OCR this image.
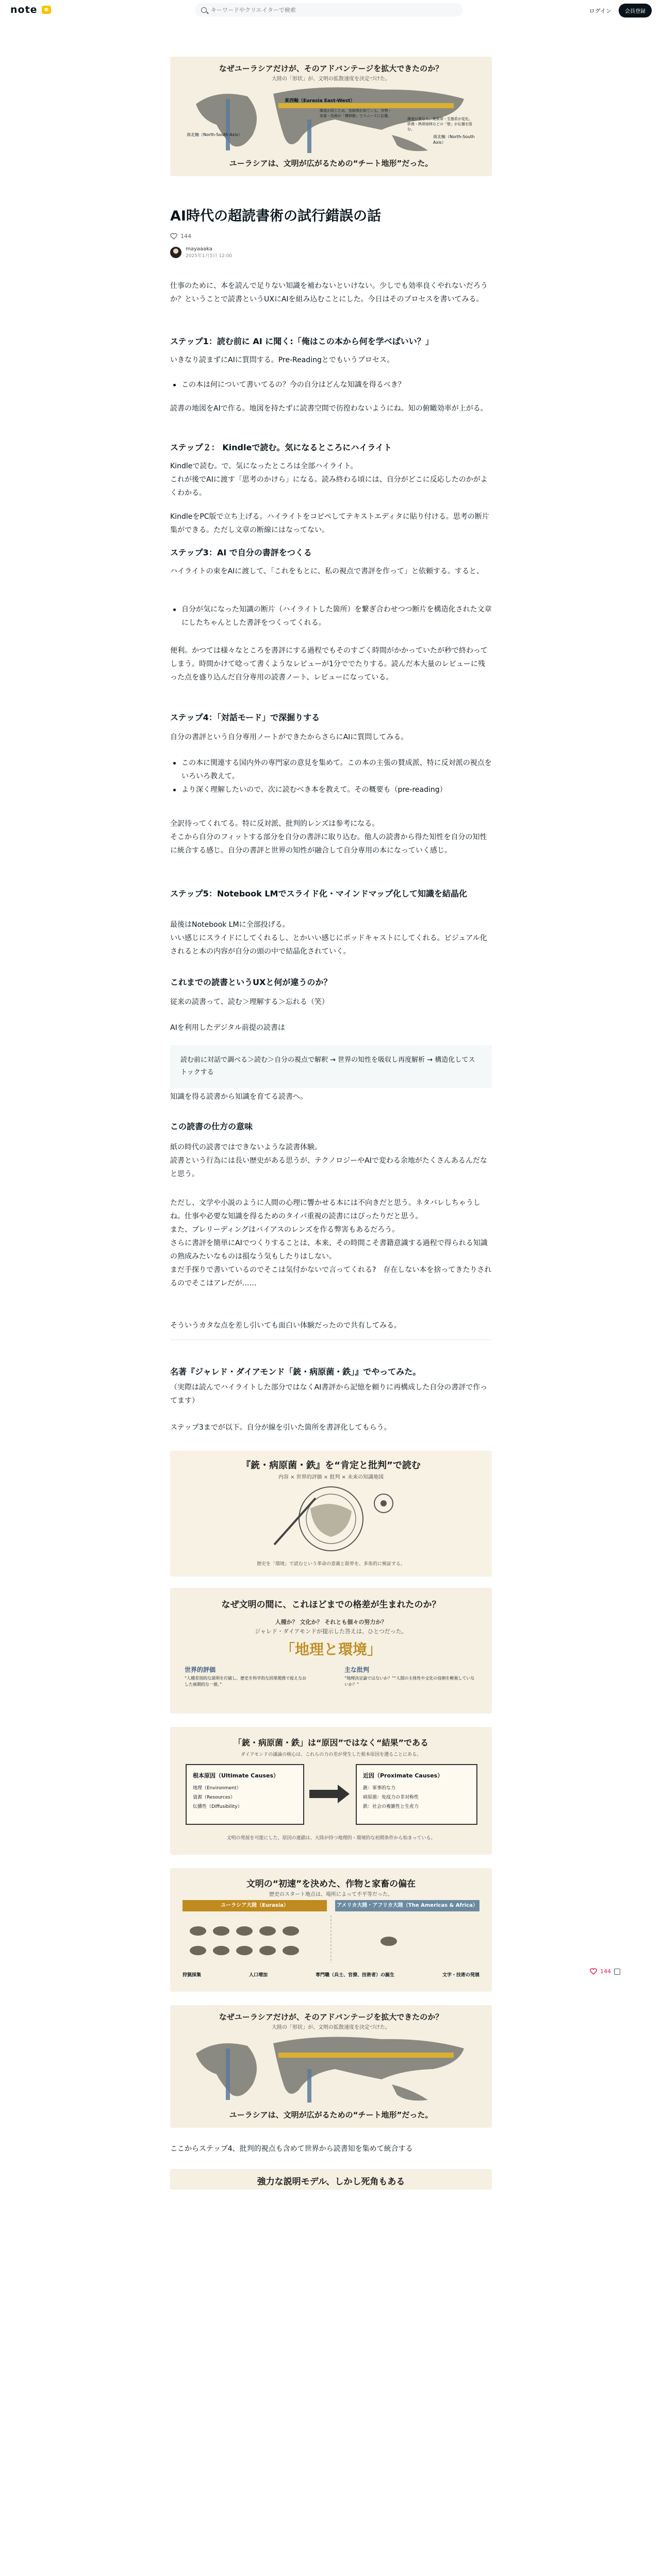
note
キーワードやクリエイターで検索	ログイン	会員登録
144
なぜユーラシアだけが、そのアドバンテージを拡大できたのか？
大陸の「形状」が、文明の拡散速度を決定づけた。
東西軸（Eurasia East-West）
南北軸（North-South Axis）	南北軸（North-South Axis）
緯度が同じため、気候帯が似ている。作物・家畜・技術が「横移動」でスムーズに伝播。
緯度が異なり、気候帯・生態系が変化。砂漠・熱帯雨林などの「壁」が伝播を阻む。
ユーラシアは、文明が広がるための“チート地形”だった。
AI時代の超読書術の試行錯誤の話
144
mayaaaka
2025年1月5日 12:00

仕事のために、本を読んで足りない知識を補わないといけない。少しでも効率良くやれないだろうか？ということで読書というUXにAIを組み込むことにした。今日はそのプロセスを書いてみる。

ステップ1：読む前に AI に聞く:「俺はこの本から何を学べばいい？」

いきなり読まずにAIに質問する。Pre-Readingとでもいうプロセス。

この本は何について書いてるの？今の自分はどんな知識を得るべき？

読書の地図をAIで作る。地図を持たずに読書空間で彷徨わないようにね。知の俯瞰効率が上がる。

ステップ２： Kindleで読む。気になるところにハイライト

Kindleで読む。で、気になったところは全部ハイライト。
これが後でAIに渡す「思考のかけら」になる。読み終わる頃には、自分がどこに反応したのかがよくわかる。

KindleをPC版で立ち上げる。ハイライトをコピペしてテキストエディタに貼り付ける。思考の断片集ができる。ただし文章の断線にはなってない。

ステップ3：AI で自分の書評をつくる

ハイライトの束をAIに渡して、「これをもとに、私の視点で書評を作って」と依頼する。すると、

自分が気になった知識の断片（ハイライトした箇所）を繋ぎ合わせつつ断片を構造化された文章にしたちゃんとした書評をつくってくれる。

便利。かつては様々なところを書評にする過程でもそのすごく時間がかかっていたが秒で終わってしまう。時間かけて唸って書くようなレビューが1分ででたりする。読んだ本大量のレビューに残った点を盛り込んだ自分専用の読書ノート、レビューになっている。

ステップ4：「対話モード」で深掘りする

自分の書評という自分専用ノートができたからさらにAIに質問してみる。

この本に関連する国内外の専門家の意見を集めて。この本の主張の賛成派、特に反対派の視点をいろいろ教えて。
より深く理解したいので、次に読むべき本を教えて。その概要も（pre-reading）

全訳待ってくれてる。特に反対派、批判的レンズは参考になる。
そこから自分のフィットする部分を自分の書評に取り込む。他人の読書から得た知性を自分の知性に統合する感じ。自分の書評と世界の知性が融合して自分専用の本になっていく感じ。

ステップ5：Notebook LMでスライド化・マインドマップ化して知識を結晶化

最後はNotebook LMに全部投げる。
いい感じにスライドにしてくれるし、とかいい感じにポッドキャストにしてくれる。ビジュアル化されると本の内容が自分の頭の中で結晶化されていく。

これまでの読書というUXと何が違うのか？

従来の読書って、読む＞理解する＞忘れる（笑）

AIを利用したデジタル前提の読書は

読む前に対話で調べる＞読む＞自分の視点で解釈 → 世界の知性を吸収し再度解析 → 構造化してストックする

知識を得る読書から知識を育てる読書へ。

この読書の仕方の意味

紙の時代の読書ではできないような読書体験。
読書という行為には長い歴史がある思うが、テクノロジーやAIで変わる余地がたくさんあるんだなと思う。

ただし、文学や小説のように人間の心理に響かせる本には不向きだと思う。ネタバレしちゃうしね。仕事や必要な知識を得るためのタイパ重視の読書にはぴったりだと思う。
また、プレリーディングはバイアスのレンズを作る弊害もあるだろう。
さらに書評を簡単にAIでつくりすることは、本来、その時間こそ書籍意識する過程で得られる知識の熟成みたいなものは損なう気もしたりはしない。
まだ手探りで書いているのでそこは気付かないで言ってくれる?　存在しない本を捨ってきたりされるのでそこはアレだが……

そういうカタな点を差し引いても面白い体験だったので共有してみる。

名著『ジャレド・ダイアモンド「銃・病原菌・鉄」』でやってみた。

（実際は読んでハイライトした部分ではなくAI書評から記憶を頼りに再構成した自分の書評で作ってます）

ステップ3までが以下。自分が線を引いた箇所を書評化してもらう。

『銃・病原菌・鉄』を“肯定と批判”で読む
内容 × 世界的評価 × 批判 × 未来の知識地図
歴史を「環境」で読むという革命の意義と限界を、多角的に検証する。
なぜ文明の間に、これほどまでの格差が生まれたのか？
人種か？ 文化か？ それとも個々の努力か？
ジャレド・ダイアモンドが提示した答えは、ひとつだった。
「地理と環境」
世界的評価
“人種差別的な説明を打破し、歴史を科学的な因果関係で捉えなおした画期的な一冊。”
主な批判
“地理決定論ではないか？”“人間の主体性や文化の役割を軽視していないか？”
「銃・病原菌・鉄」は“原因”ではなく“結果”である
ダイアモンドの議論の核心は、これらの力の差が発生した根本原因を遡ることにある。
根本原因（Ultimate Causes）
地理（Environment）
資源（Resources）
伝播性（Diffusibility）
近因（Proximate Causes）
銃：軍事的な力
病原菌：免疫力の非対称性
鉄：社会の複雑性と生産力
文明の発展を可能にした、原因の連鎖は、大陸が持つ地理的・環境的な初期条件から始まっている。
文明の“初速”を決めた、作物と家畜の偏在
歴史のスタート地点は、場所によって不平等だった。
ユーラシア大陸（Eurasia）	アメリカ大陸・アフリカ大陸（The Americas & Africa）
狩猟採集	人口増加	専門職（兵士、官僚、技術者）の誕生	文字・技術の発展
なぜユーラシアだけが、そのアドバンテージを拡大できたのか？
大陸の「形状」が、文明の拡散速度を決定づけた。
ユーラシアは、文明が広がるための“チート地形”だった。

ここからステップ4、批判的視点も含めて世界から読書知を集めて統合する

強力な説明モデル、しかし死角もある
